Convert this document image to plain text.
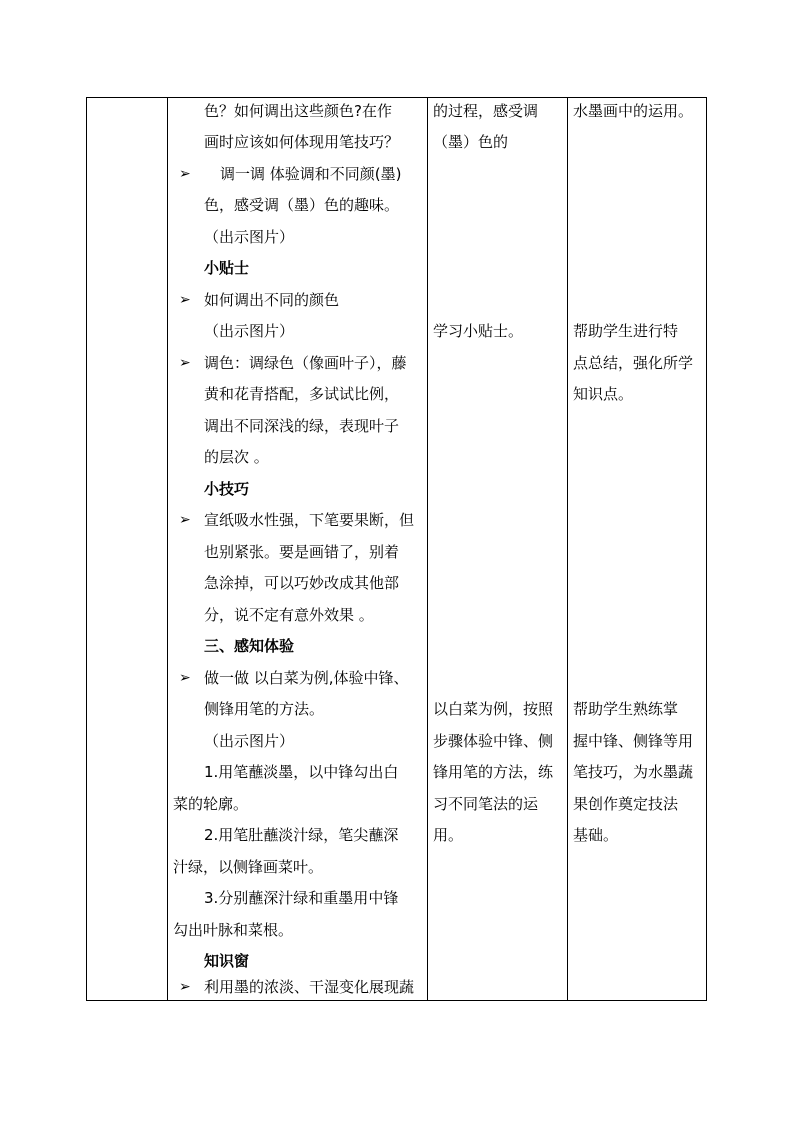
色？如何调出这些颜色?在作
画时应该如何体现用笔技巧？
➢ 调一调 体验调和不同颜(墨)
色，感受调（墨）色的趣味。
（出示图片）
小贴士
➢ 如何调出不同的颜色
（出示图片）
➢ 调色：调绿色（像画叶子），藤
黄和花青搭配，多试试比例，
调出不同深浅的绿，表现叶子
的层次 。
小技巧
➢ 宣纸吸水性强，下笔要果断，但
也别紧张。要是画错了，别着
急涂掉，可以巧妙改成其他部
分，说不定有意外效果 。
三、感知体验
➢ 做一做 以白菜为例,体验中锋、
侧锋用笔的方法。
（出示图片）
1.用笔蘸淡墨，以中锋勾出白
菜的轮廓。
2.用笔肚蘸淡汁绿，笔尖蘸深
汁绿，以侧锋画菜叶。
3.分别蘸深汁绿和重墨用中锋
勾出叶脉和菜根。
知识窗
➢ 利用墨的浓淡、干湿变化展现蔬
的过程，感受调
（墨）色的
学习小贴士。
以白菜为例，按照
步骤体验中锋、侧
锋用笔的方法，练
习不同笔法的运
用。
水墨画中的运用。
帮助学生进行特
点总结，强化所学
知识点。
帮助学生熟练掌
握中锋、侧锋等用
笔技巧，为水墨蔬
果创作奠定技法
基础。
